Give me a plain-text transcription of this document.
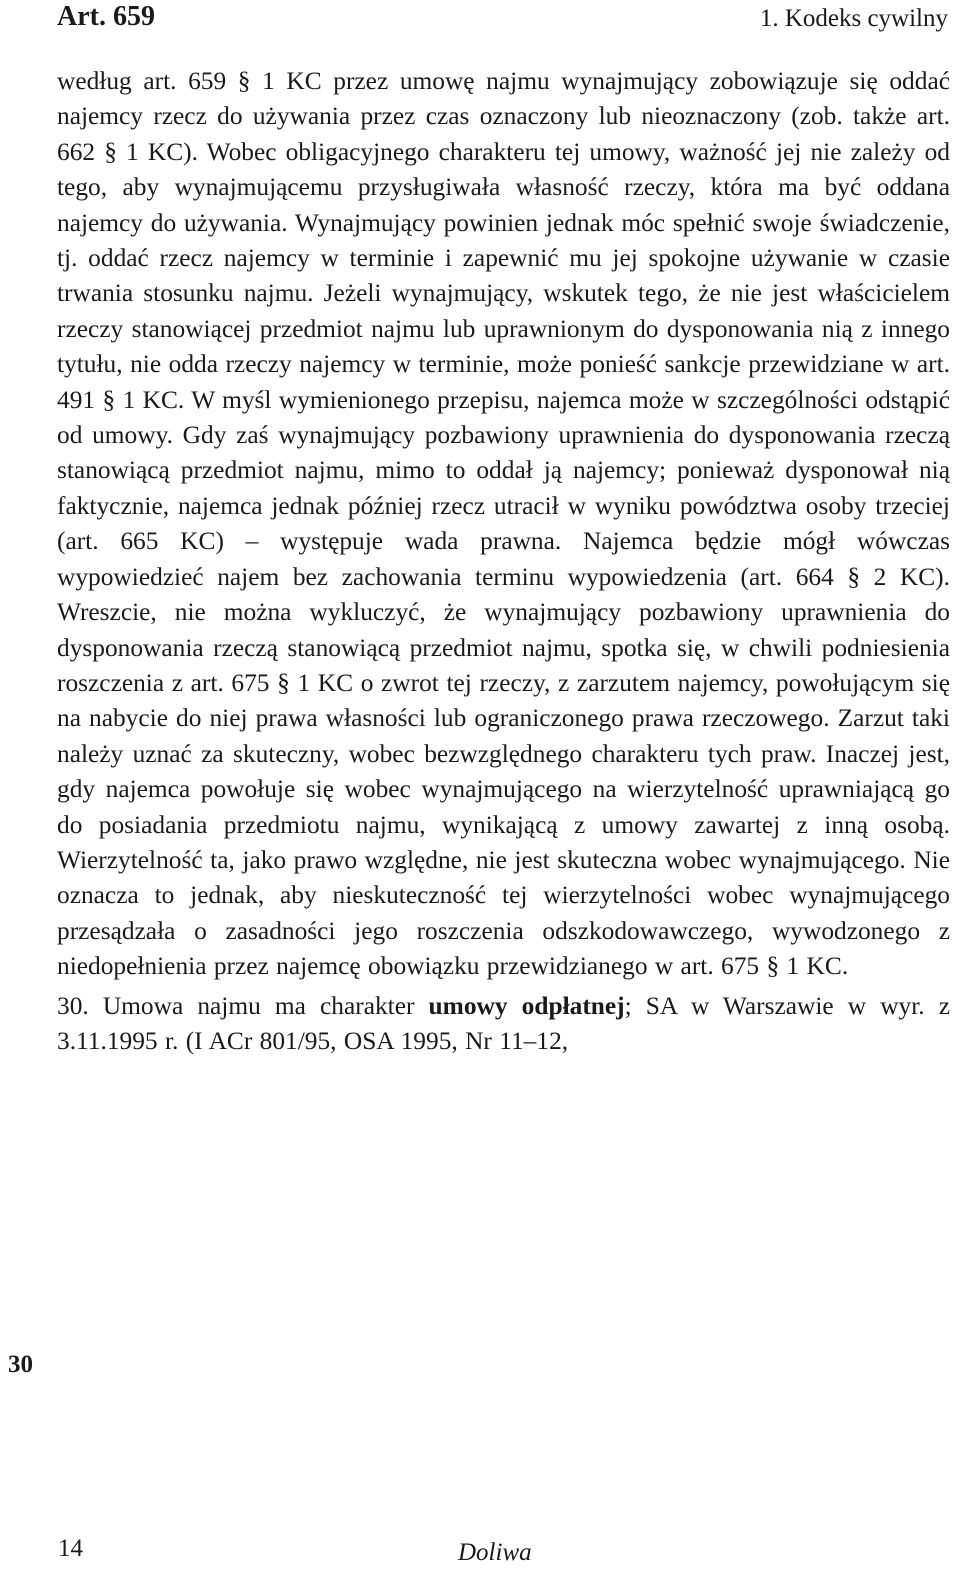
Art. 659	1. Kodeks cywilny

według art. 659 § 1 KC przez umowę najmu wynajmujący zobowiązuje się oddać najemcy rzecz do używania przez czas oznaczony lub nieoznaczony (zob. także art. 662 § 1 KC). Wobec obligacyjnego charakteru tej umowy, ważność jej nie zależy od tego, aby wynajmującemu przysługiwała własność rzeczy, która ma być oddana najemcy do używania. Wynajmujący powinien jednak móc spełnić swoje świadczenie, tj. oddać rzecz najemcy w terminie i zapewnić mu jej spokojne używanie w czasie trwania stosunku najmu. Jeżeli wynajmujący, wskutek tego, że nie jest właścicielem rzeczy stanowiącej przedmiot najmu lub uprawnionym do dysponowania nią z innego tytułu, nie odda rzeczy najemcy w terminie, może ponieść sankcje przewidziane w art. 491 § 1 KC. W myśl wymienionego przepisu, najemca może w szczególności odstąpić od umowy. Gdy zaś wynajmujący pozbawiony uprawnienia do dysponowania rzeczą stanowiącą przedmiot najmu, mimo to oddał ją najemcy; ponieważ dysponował nią faktycznie, najemca jednak później rzecz utracił w wyniku powództwa osoby trzeciej (art. 665 KC) – występuje wada prawna. Najemca będzie mógł wówczas wypowiedzieć najem bez zachowania terminu wypowiedzenia (art. 664 § 2 KC). Wreszcie, nie można wykluczyć, że wynajmujący pozbawiony uprawnienia do dysponowania rzeczą stanowiącą przedmiot najmu, spotka się, w chwili podniesienia roszczenia z art. 675 § 1 KC o zwrot tej rzeczy, z zarzutem najemcy, powołującym się na nabycie do niej prawa własności lub ograniczonego prawa rzeczowego. Zarzut taki należy uznać za skuteczny, wobec bezwzględnego charakteru tych praw. Inaczej jest, gdy najemca powołuje się wobec wynajmującego na wierzytelność uprawniającą go do posiadania przedmiotu najmu, wynikającą z umowy zawartej z inną osobą. Wierzytelność ta, jako prawo względne, nie jest skuteczna wobec wynajmującego. Nie oznacza to jednak, aby nieskuteczność tej wierzytelności wobec wynajmującego przesądzała o zasadności jego roszczenia odszkodowawczego, wywodzonego z niedopełnienia przez najemcę obowiązku przewidzianego w art. 675 § 1 KC.

30. Umowa najmu ma charakter umowy odpłatnej; SA w Warszawie w wyr. z 3.11.1995 r. (I ACr 801/95, OSA 1995, Nr 11–12,

30
14	Doliwa
